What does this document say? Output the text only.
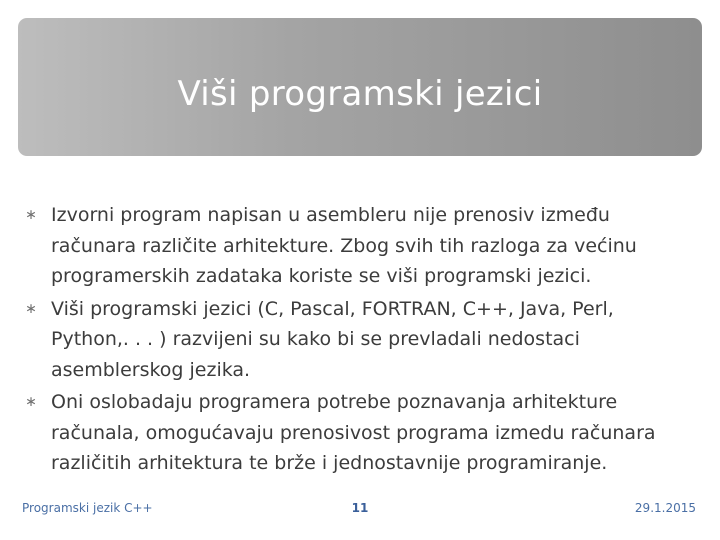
Viši programski jezici
∗ Izvorni program napisan u asembleru nije prenosiv između računara različite arhitekture. Zbog svih tih razloga za većinu programerskih zadataka koriste se viši programski jezici.
∗ Viši programski jezici (C, Pascal, FORTRAN, C++, Java, Perl, Python,. . . ) razvijeni su kako bi se prevladali nedostaci asemblerskog jezika.
∗ Oni oslobadaju programera potrebe poznavanja arhitekture računala, omogućavaju prenosivost programa izmedu računara različitih arhitektura te brže i jednostavnije programiranje.
Programski jezik C++	11	29.1.2015
